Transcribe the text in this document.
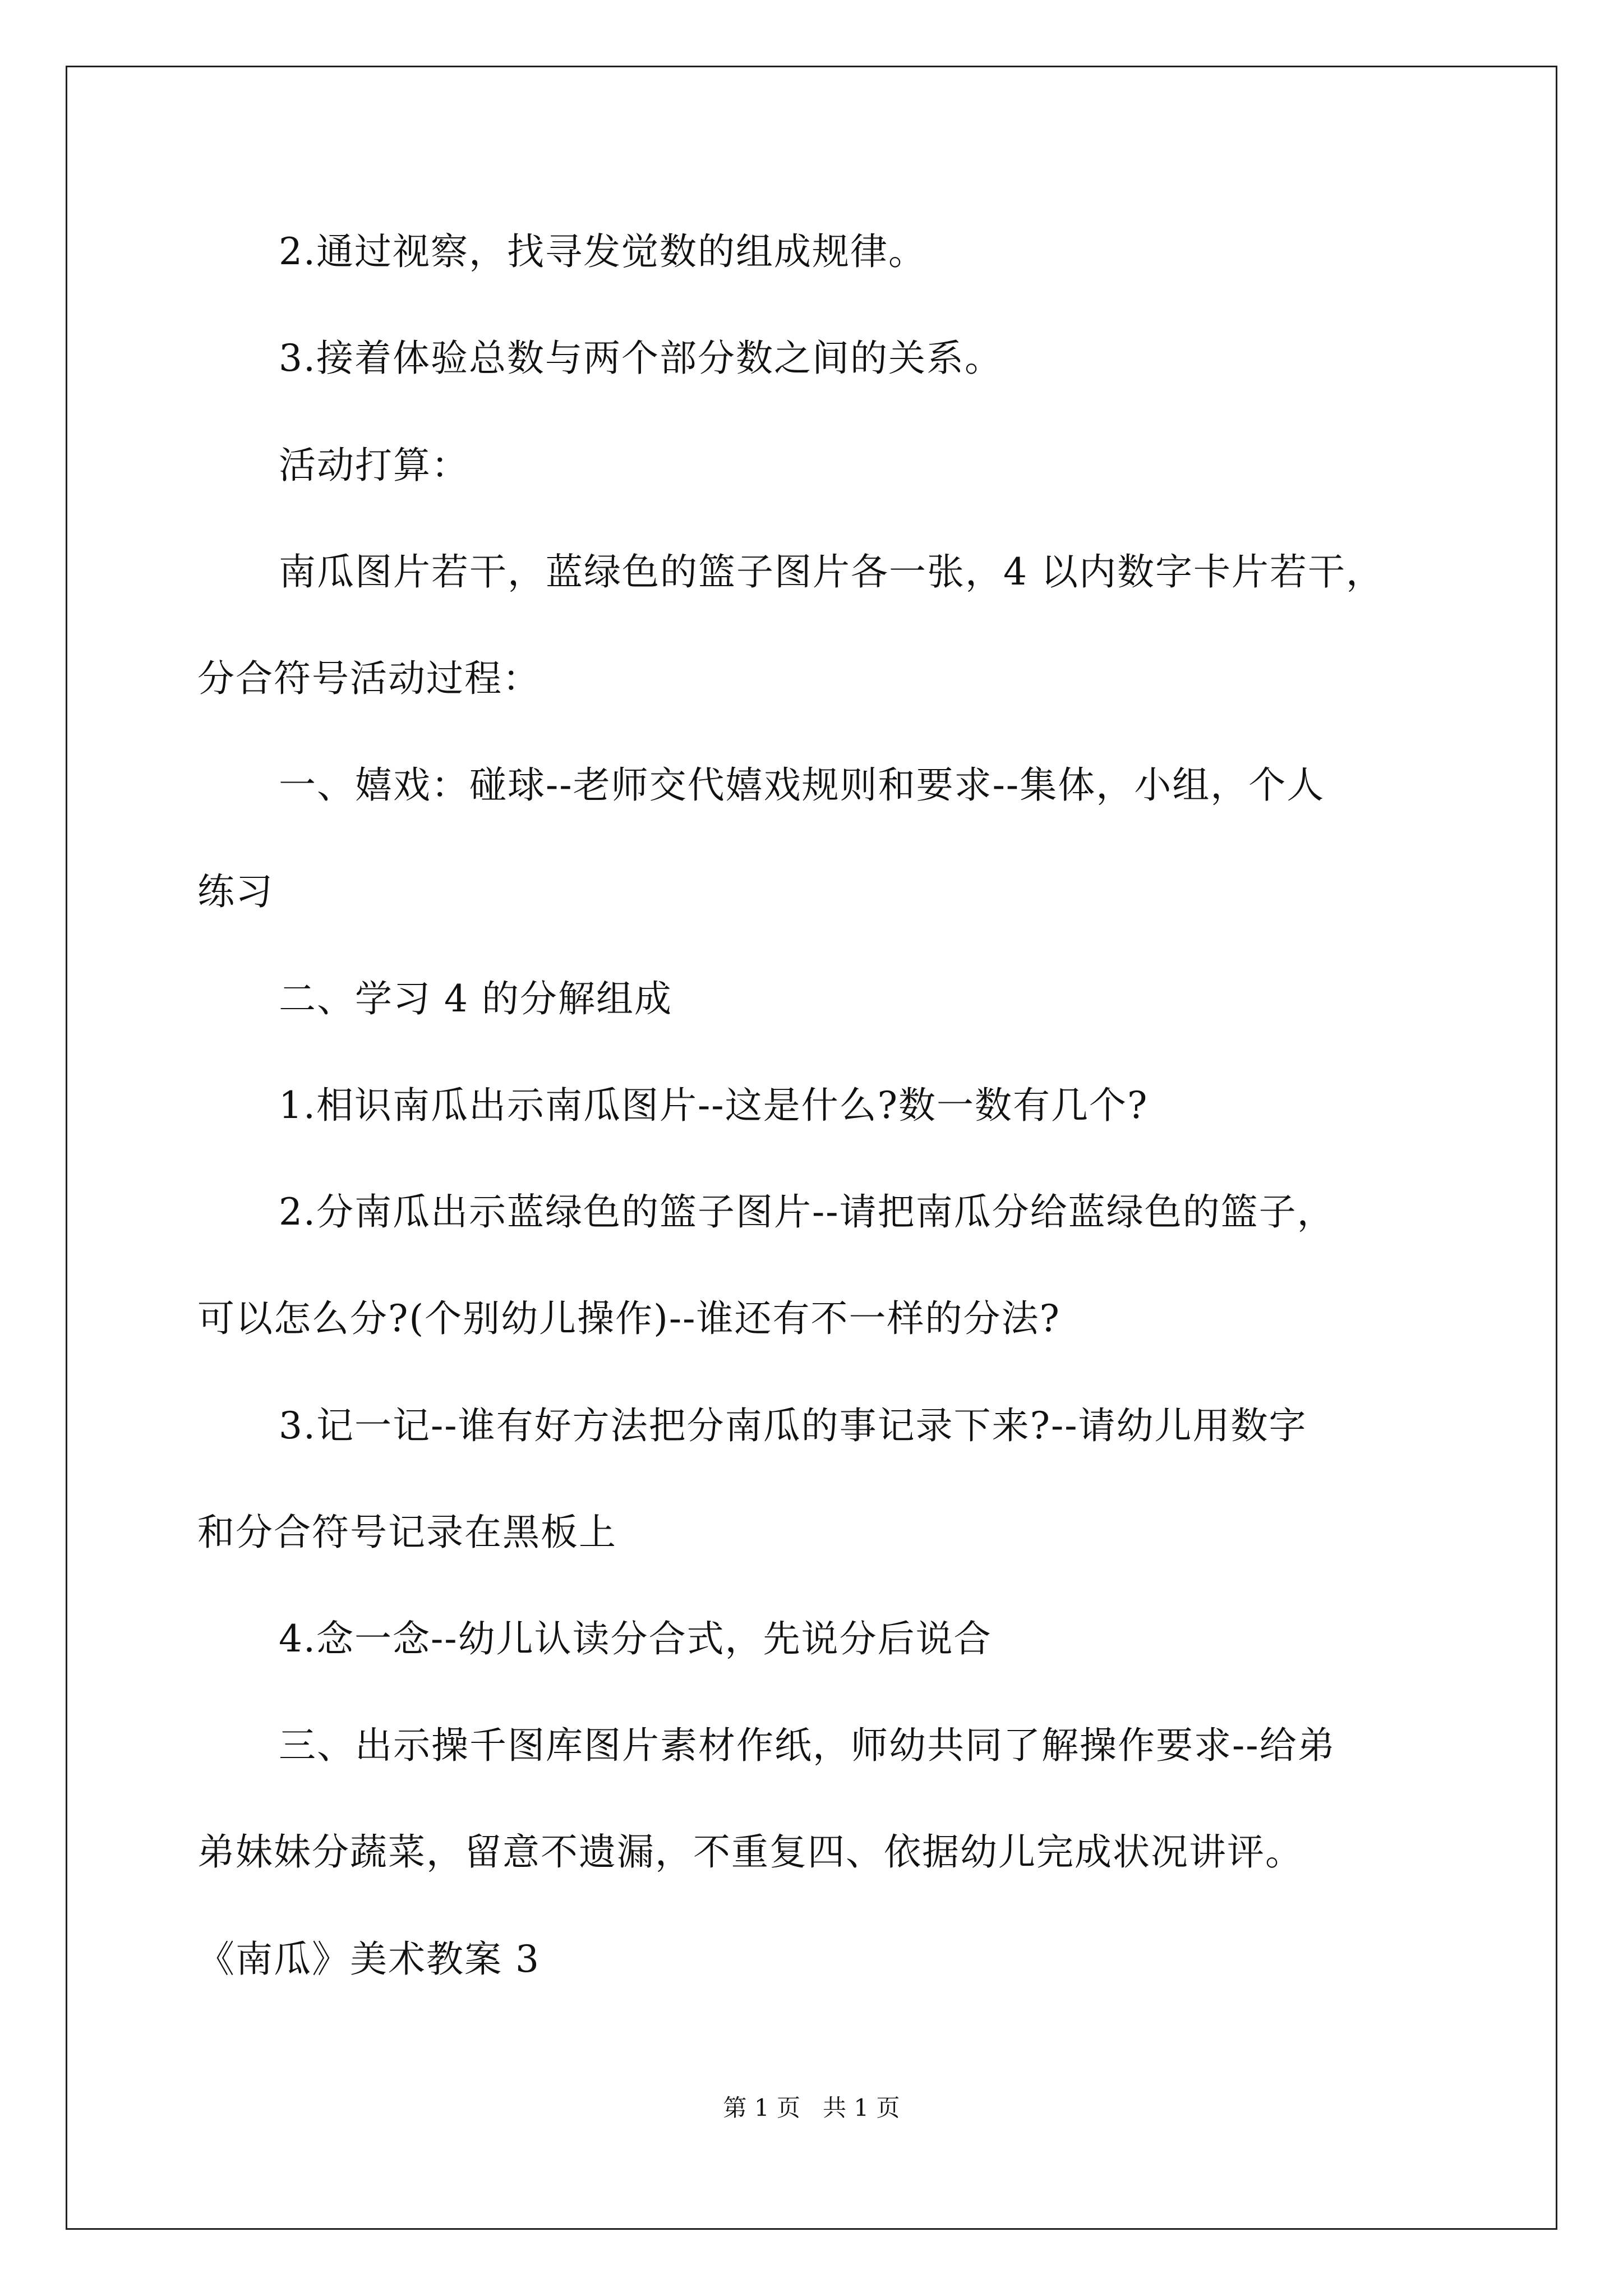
2.通过视察，找寻发觉数的组成规律。
3.接着体验总数与两个部分数之间的关系。
活动打算：
南瓜图片若干，蓝绿色的篮子图片各一张，4 以内数字卡片若干，
分合符号活动过程：
一、嬉戏：碰球--老师交代嬉戏规则和要求--集体，小组，个人
练习
二、学习 4 的分解组成
1.相识南瓜出示南瓜图片--这是什么?数一数有几个?
2.分南瓜出示蓝绿色的篮子图片--请把南瓜分给蓝绿色的篮子，
可以怎么分?(个别幼儿操作)--谁还有不一样的分法?
3.记一记--谁有好方法把分南瓜的事记录下来?--请幼儿用数字
和分合符号记录在黑板上
4.念一念--幼儿认读分合式，先说分后说合
三、出示操千图库图片素材作纸，师幼共同了解操作要求--给弟
弟妹妹分蔬菜，留意不遗漏，不重复四、依据幼儿完成状况讲评。
《南瓜》美术教案 3
第 1 页   共 1 页
